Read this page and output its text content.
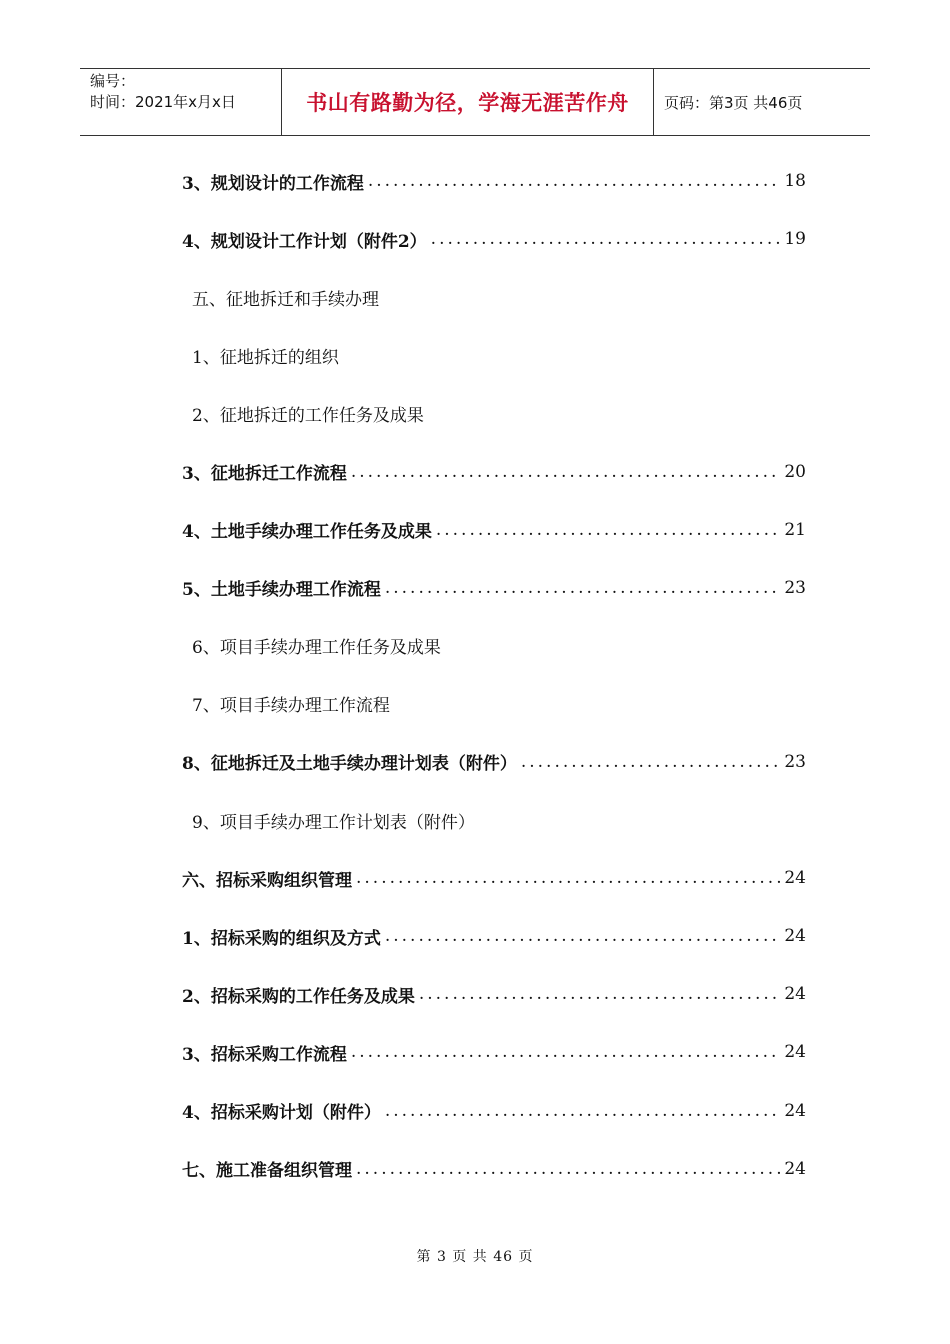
编号：
时间：2021年x月x日	书山有路勤为径，学海无涯苦作舟	页码：第3页 共46页
3、规划设计的工作流程 .....	18
4、规划设计工作计划（附件2） .....	19
五、征地拆迁和手续办理
1、征地拆迁的组织
2、征地拆迁的工作任务及成果
3、征地拆迁工作流程 .....	20
4、土地手续办理工作任务及成果 .....	21
5、土地手续办理工作流程 .....	23
6、项目手续办理工作任务及成果
7、项目手续办理工作流程
8、征地拆迁及土地手续办理计划表（附件） .....	23
9、项目手续办理工作计划表（附件）
六、招标采购组织管理 .....	24
1、招标采购的组织及方式 .....	24
2、招标采购的工作任务及成果 .....	24
3、招标采购工作流程 .....	24
4、招标采购计划（附件） .....	24
七、施工准备组织管理 .....	24
第 3 页 共 46 页
